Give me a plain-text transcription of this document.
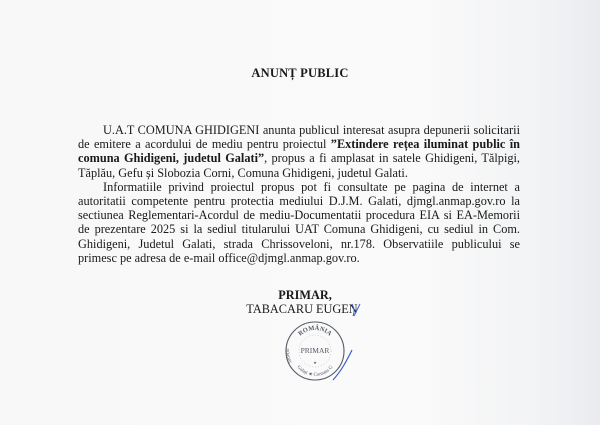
ANUNȚ PUBLIC

U.A.T COMUNA GHIDIGENI anunta publicul interesat asupra depunerii solicitarii de emitere a acordului de mediu pentru proiectul ”Extindere rețea iluminat public în comuna Ghidigeni, judetul Galati”, propus a fi amplasat in satele Ghidigeni, Tălpigi, Tăplău, Gefu și Slobozia Corni, Comuna Ghidigeni, judetul Galati.

Informatiile privind proiectul propus pot fi consultate pe pagina de internet a autoritatii competente pentru protectia mediului D.J.M. Galati, djmgl.anmap.gov.ro la sectiunea Reglementari-Acordul de mediu-Documentatii procedura EIA si EA-Memorii de prezentare 2025 si la sediul titularului UAT Comuna Ghidigeni, cu sediul in Com. Ghidigeni, Judetul Galati, strada Chrissoveloni, nr.178. Observatiile publicului se primesc pe adresa de e-mail office@djmgl.anmap.gov.ro.

PRIMAR,
TABACARU EUGEN
ROMÂNIA
Județul
Galați ★ Comuna G
PRIMAR
★
